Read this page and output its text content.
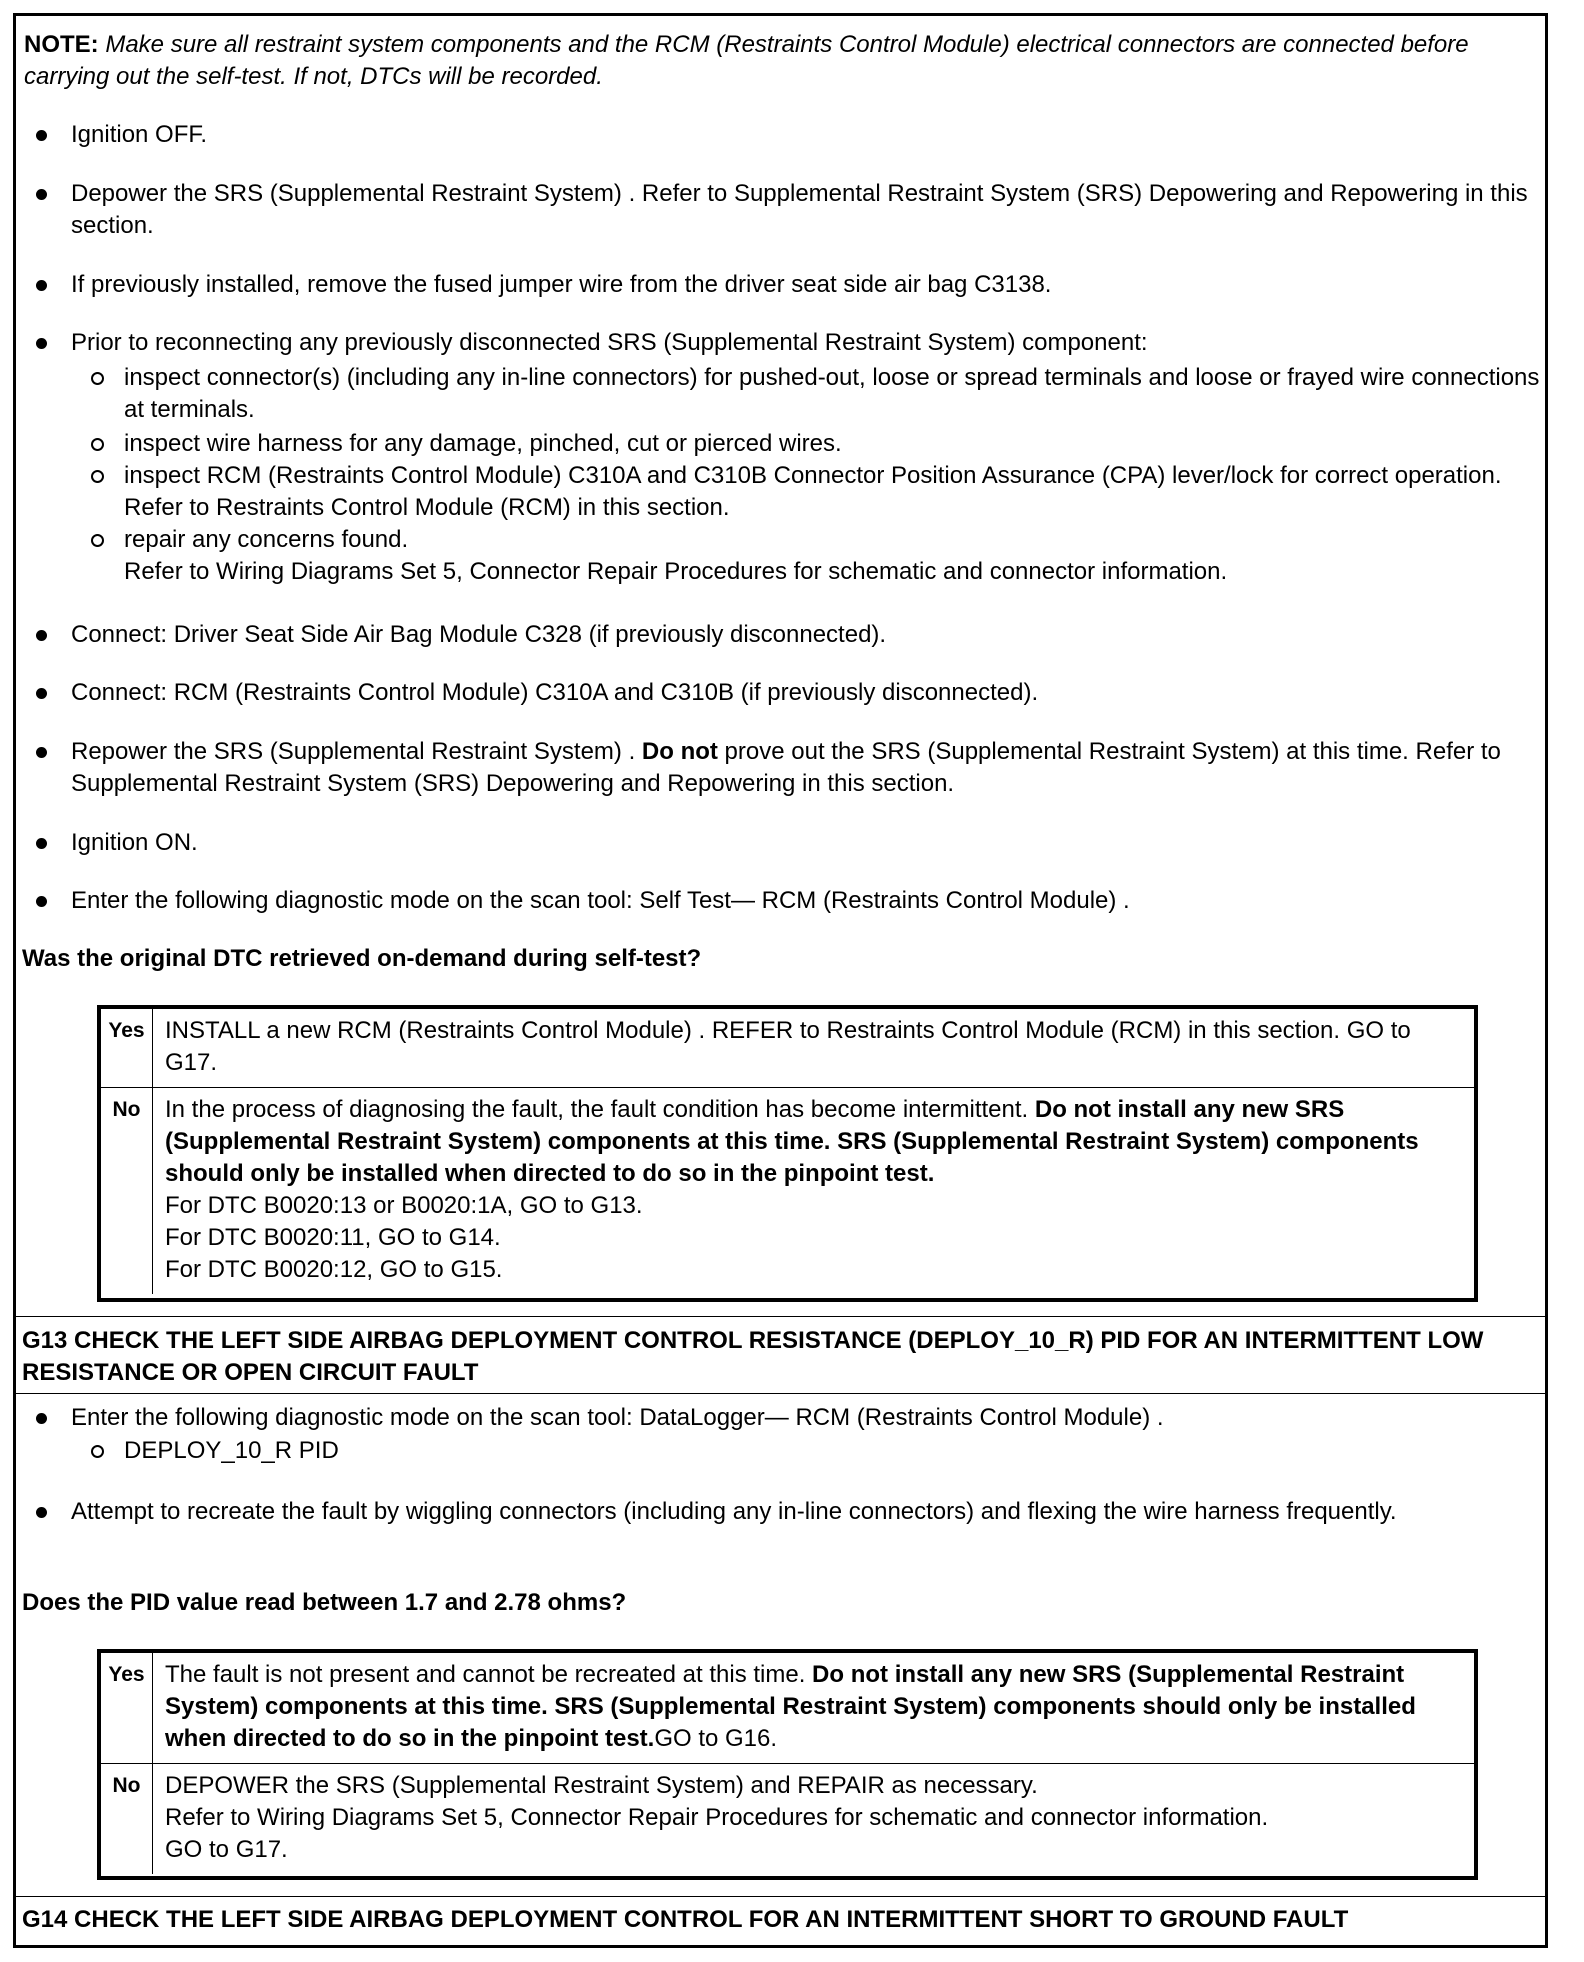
NOTE: Make sure all restraint system components and the RCM (Restraints Control Module) electrical connectors are connected before carrying out the self-test. If not, DTCs will be recorded.
Ignition OFF.
Depower the SRS (Supplemental Restraint System) . Refer to Supplemental Restraint System (SRS) Depowering and Repowering in this section.
If previously installed, remove the fused jumper wire from the driver seat side air bag C3138.
Prior to reconnecting any previously disconnected SRS (Supplemental Restraint System) component:
inspect connector(s) (including any in-line connectors) for pushed-out, loose or spread terminals and loose or frayed wire connections at terminals.
inspect wire harness for any damage, pinched, cut or pierced wires.
inspect RCM (Restraints Control Module) C310A and C310B Connector Position Assurance (CPA) lever/lock for correct operation. Refer to Restraints Control Module (RCM) in this section.
repair any concerns found.
Refer to Wiring Diagrams Set 5, Connector Repair Procedures for schematic and connector information.
Connect: Driver Seat Side Air Bag Module C328 (if previously disconnected).
Connect: RCM (Restraints Control Module) C310A and C310B (if previously disconnected).
Repower the SRS (Supplemental Restraint System) . Do not prove out the SRS (Supplemental Restraint System) at this time. Refer to Supplemental Restraint System (SRS) Depowering and Repowering in this section.
Ignition ON.
Enter the following diagnostic mode on the scan tool: Self Test— RCM (Restraints Control Module) .
Was the original DTC retrieved on-demand during self-test?
Yes INSTALL a new RCM (Restraints Control Module) . REFER to Restraints Control Module (RCM) in this section. GO to G17.
No	In the process of diagnosing the fault, the fault condition has become intermittent. Do not install any new SRS (Supplemental Restraint System) components at this time. SRS (Supplemental Restraint System) components should only be installed when directed to do so in the pinpoint test.
For DTC B0020:13 or B0020:1A, GO to G13.
For DTC B0020:11, GO to G14.
For DTC B0020:12, GO to G15.
G13 CHECK THE LEFT SIDE AIRBAG DEPLOYMENT CONTROL RESISTANCE (DEPLOY_10_R) PID FOR AN INTERMITTENT LOW RESISTANCE OR OPEN CIRCUIT FAULT
Enter the following diagnostic mode on the scan tool: DataLogger— RCM (Restraints Control Module) .
DEPLOY_10_R PID
Attempt to recreate the fault by wiggling connectors (including any in-line connectors) and flexing the wire harness frequently.
Does the PID value read between 1.7 and 2.78 ohms?
Yes The fault is not present and cannot be recreated at this time. Do not install any new SRS (Supplemental Restraint System) components at this time. SRS (Supplemental Restraint System) components should only be installed when directed to do so in the pinpoint test.GO to G16.
No	DEPOWER the SRS (Supplemental Restraint System) and REPAIR as necessary.
Refer to Wiring Diagrams Set 5, Connector Repair Procedures for schematic and connector information.
GO to G17.
G14 CHECK THE LEFT SIDE AIRBAG DEPLOYMENT CONTROL FOR AN INTERMITTENT SHORT TO GROUND FAULT
